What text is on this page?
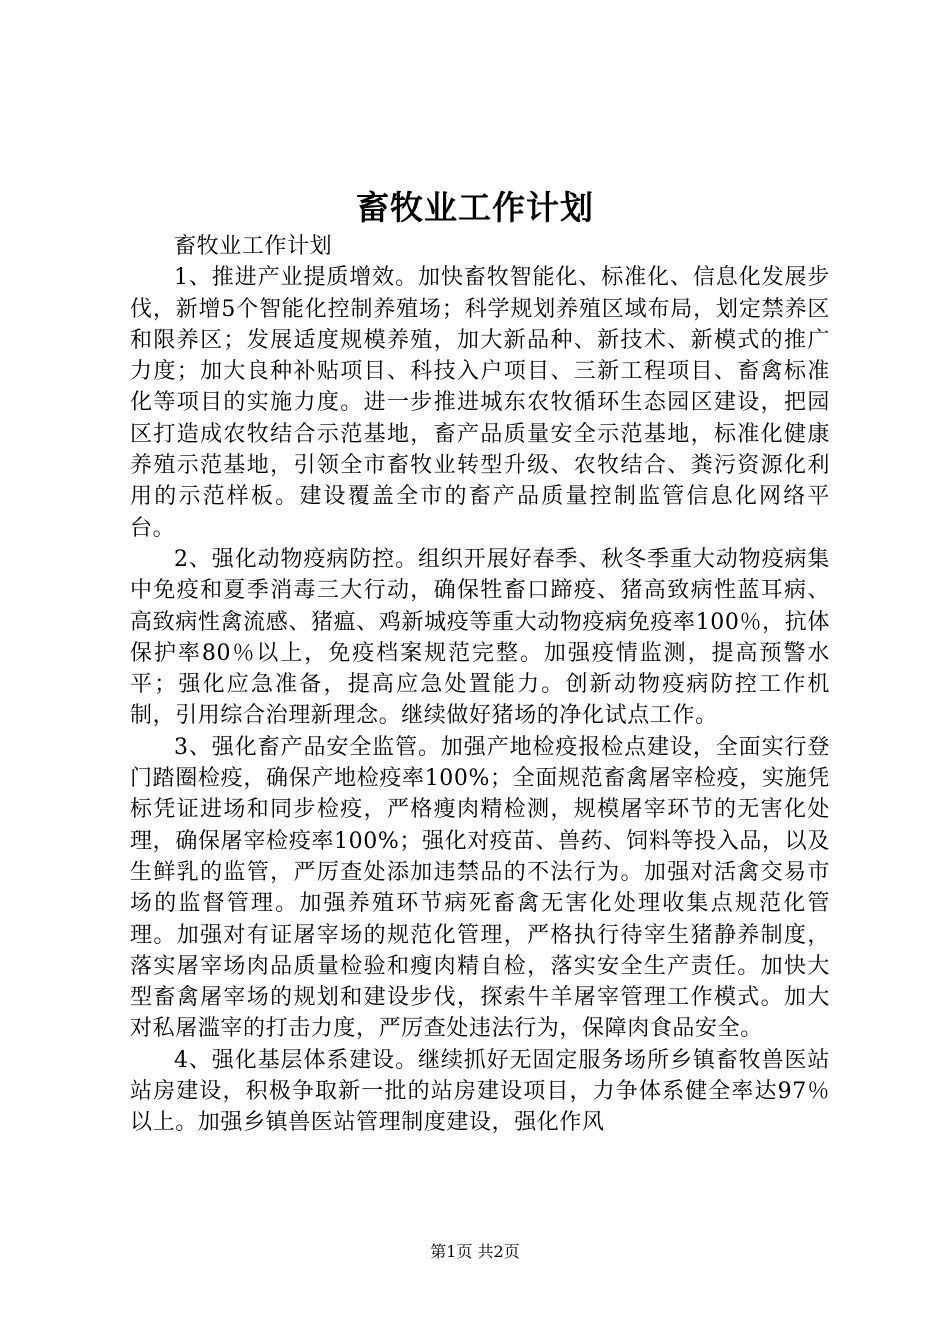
畜牧业工作计划

畜牧业工作计划

1、推进产业提质增效。加快畜牧智能化、标准化、信息化发展步伐，新增5个智能化控制养殖场；科学规划养殖区域布局，划定禁养区和限养区；发展适度规模养殖，加大新品种、新技术、新模式的推广力度；加大良种补贴项目、科技入户项目、三新工程项目、畜禽标准化等项目的实施力度。进一步推进城东农牧循环生态园区建设，把园区打造成农牧结合示范基地，畜产品质量安全示范基地，标准化健康养殖示范基地，引领全市畜牧业转型升级、农牧结合、粪污资源化利用的示范样板。建设覆盖全市的畜产品质量控制监管信息化网络平台。

2、强化动物疫病防控。组织开展好春季、秋冬季重大动物疫病集中免疫和夏季消毒三大行动，确保牲畜口蹄疫、猪高致病性蓝耳病、高致病性禽流感、猪瘟、鸡新城疫等重大动物疫病免疫率100％，抗体保护率80％以上，免疫档案规范完整。加强疫情监测，提高预警水平；强化应急准备，提高应急处置能力。创新动物疫病防控工作机制，引用综合治理新理念。继续做好猪场的净化试点工作。

3、强化畜产品安全监管。加强产地检疫报检点建设，全面实行登门踏圈检疫，确保产地检疫率100%；全面规范畜禽屠宰检疫，实施凭标凭证进场和同步检疫，严格瘦肉精检测，规模屠宰环节的无害化处理，确保屠宰检疫率100%；强化对疫苗、兽药、饲料等投入品，以及生鲜乳的监管，严厉查处添加违禁品的不法行为。加强对活禽交易市场的监督管理。加强养殖环节病死畜禽无害化处理收集点规范化管理。加强对有证屠宰场的规范化管理，严格执行待宰生猪静养制度，落实屠宰场肉品质量检验和瘦肉精自检，落实安全生产责任。加快大型畜禽屠宰场的规划和建设步伐，探索牛羊屠宰管理工作模式。加大对私屠滥宰的打击力度，严厉查处违法行为，保障肉食品安全。

4、强化基层体系建设。继续抓好无固定服务场所乡镇畜牧兽医站站房建设，积极争取新一批的站房建设项目，力争体系健全率达97％以上。加强乡镇兽医站管理制度建设，强化作风

第1页 共2页
